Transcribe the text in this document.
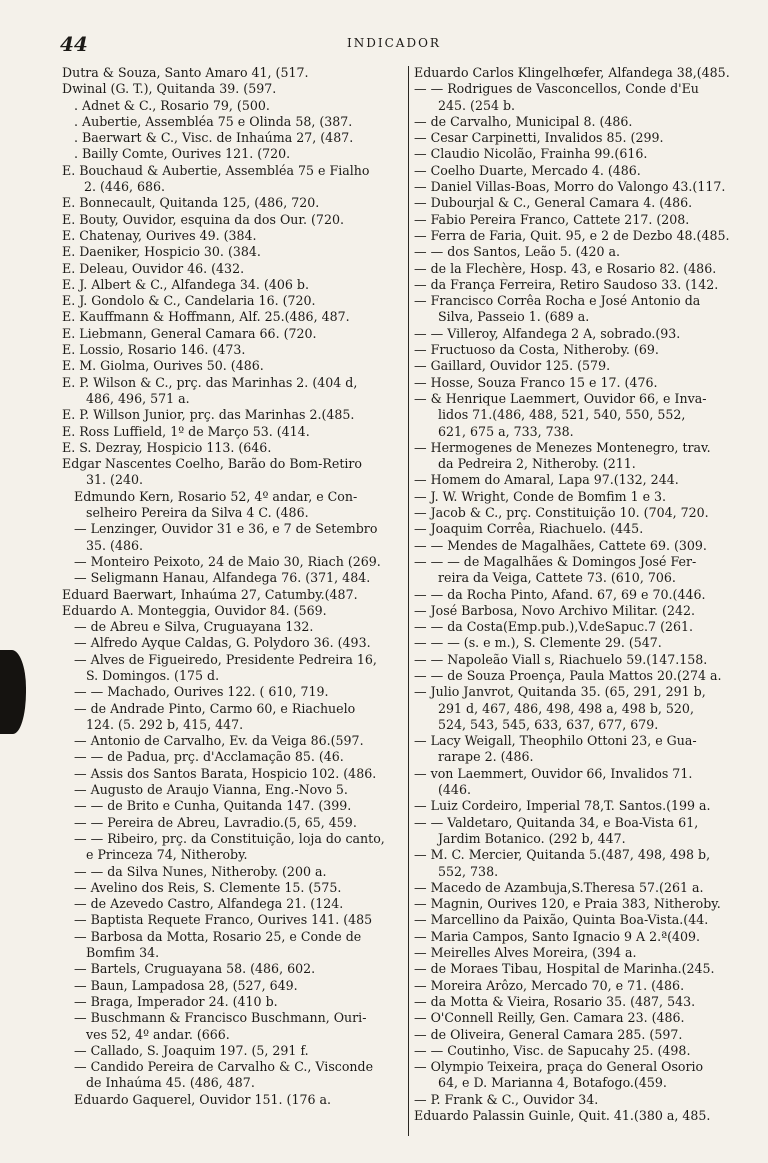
44	INDICADOR
Dutra & Souza, Santo Amaro 41, (517.
Dwinal (G. T.), Quitanda 39. (597.
. Adnet & C., Rosario 79, (500.
. Aubertie, Assembléa 75 e Olinda 58, (387.
. Baerwart & C., Visc. de Inhaúma 27, (487.
. Bailly Comte, Ourives 121. (720.
E. Bouchaud & Aubertie, Assembléa 75 e Fialho
2. (446, 686.
E. Bonnecault, Quitanda 125, (486, 720.
E. Bouty, Ouvidor, esquina da dos Our. (720.
E. Chatenay, Ourives 49. (384.
E. Daeniker, Hospicio 30. (384.
E. Deleau, Ouvidor 46. (432.
E. J. Albert & C., Alfandega 34. (406 b.
E. J. Gondolo & C., Candelaria 16. (720.
E. Kauffmann & Hoffmann, Alf. 25.(486, 487.
E. Liebmann, General Camara 66. (720.
E. Lossio, Rosario 146. (473.
E. M. Giolma, Ourives 50. (486.
E. P. Wilson & C., prç. das Marinhas 2. (404 d,
486, 496, 571 a.
E. P. Willson Junior, prç. das Marinhas 2.(485.
E. Ross Luffield, 1º de Março 53. (414.
E. S. Dezray, Hospicio 113. (646.
Edgar Nascentes Coelho, Barão do Bom-Retiro
31. (240.
Edmundo Kern, Rosario 52, 4º andar, e Con-
selheiro Pereira da Silva 4 C. (486.
— Lenzinger, Ouvidor 31 e 36, e 7 de Setembro
35. (486.
— Monteiro Peixoto, 24 de Maio 30, Riach (269.
— Seligmann Hanau, Alfandega 76. (371, 484.
Eduard Baerwart, Inhaúma 27, Catumby.(487.
Eduardo A. Monteggia, Ouvidor 84. (569.
— de Abreu e Silva, Cruguayana 132.
— Alfredo Ayque Caldas, G. Polydoro 36. (493.
— Alves de Figueiredo, Presidente Pedreira 16,
S. Domingos. (175 d.
— — Machado, Ourives 122. ( 610, 719.
— de Andrade Pinto, Carmo 60, e Riachuelo
124. (5. 292 b, 415, 447.
— Antonio de Carvalho, Ev. da Veiga 86.(597.
— — de Padua, prç. d'Acclamação 85. (46.
— Assis dos Santos Barata, Hospicio 102. (486.
— Augusto de Araujo Vianna, Eng.-Novo 5.
— — de Brito e Cunha, Quitanda 147. (399.
— — Pereira de Abreu, Lavradio.(5, 65, 459.
— — Ribeiro, prç. da Constituição, loja do canto,
e Princeza 74, Nitheroby.
— — da Silva Nunes, Nitheroby. (200 a.
— Avelino dos Reis, S. Clemente 15. (575.
— de Azevedo Castro, Alfandega 21. (124.
— Baptista Requete Franco, Ourives 141. (485
— Barbosa da Motta, Rosario 25, e Conde de
Bomfim 34.
— Bartels, Cruguayana 58. (486, 602.
— Baun, Lampadosa 28, (527, 649.
— Braga, Imperador 24. (410 b.
— Buschmann & Francisco Buschmann, Ouri-
ves 52, 4º andar. (666.
— Callado, S. Joaquim 197. (5, 291 f.
— Candido Pereira de Carvalho & C., Visconde
de Inhaúma 45. (486, 487.
Eduardo Gaquerel, Ouvidor 151. (176 a.
Eduardo Carlos Klingelhœfer, Alfandega 38,(485.
— — Rodrigues de Vasconcellos, Conde d'Eu
245. (254 b.
— de Carvalho, Municipal 8. (486.
— Cesar Carpinetti, Invalidos 85. (299.
— Claudio Nicolão, Frainha 99.(616.
— Coelho Duarte, Mercado 4. (486.
— Daniel Villas-Boas, Morro do Valongo 43.(117.
— Dubourjal & C., General Camara 4. (486.
— Fabio Pereira Franco, Cattete 217. (208.
— Ferra de Faria, Quit. 95, e 2 de Dezbo 48.(485.
— — dos Santos, Leão 5. (420 a.
— de la Flechère, Hosp. 43, e Rosario 82. (486.
— da França Ferreira, Retiro Saudoso 33. (142.
— Francisco Corrêa Rocha e José Antonio da
Silva, Passeio 1. (689 a.
— — Villeroy, Alfandega 2 A, sobrado.(93.
— Fructuoso da Costa, Nitheroby. (69.
— Gaillard, Ouvidor 125. (579.
— Hosse, Souza Franco 15 e 17. (476.
— & Henrique Laemmert, Ouvidor 66, e Inva-
lidos 71.(486, 488, 521, 540, 550, 552,
621, 675 a, 733, 738.
— Hermogenes de Menezes Montenegro, trav.
da Pedreira 2, Nitheroby. (211.
— Homem do Amaral, Lapa 97.(132, 244.
— J. W. Wright, Conde de Bomfim 1 e 3.
— Jacob & C., prç. Constituição 10. (704, 720.
— Joaquim Corrêa, Riachuelo. (445.
— — Mendes de Magalhães, Cattete 69. (309.
— — — de Magalhães & Domingos José Fer-
reira da Veiga, Cattete 73. (610, 706.
— — da Rocha Pinto, Afand. 67, 69 e 70.(446.
— José Barbosa, Novo Archivo Militar. (242.
— — da Costa(Emp.pub.),V.deSapuc.7 (261.
— — — (s. e m.), S. Clemente 29. (547.
— — Napoleão Viall s, Riachuelo 59.(147.158.
— — de Souza Proença, Paula Mattos 20.(274 a.
— Julio Janvrot, Quitanda 35. (65, 291, 291 b,
291 d, 467, 486, 498, 498 a, 498 b, 520,
524, 543, 545, 633, 637, 677, 679.
— Lacy Weigall, Theophilo Ottoni 23, e Gua-
rarape 2. (486.
— von Laemmert, Ouvidor 66, Invalidos 71.
(446.
— Luiz Cordeiro, Imperial 78,T. Santos.(199 a.
— — Valdetaro, Quitanda 34, e Boa-Vista 61,
Jardim Botanico. (292 b, 447.
— M. C. Mercier, Quitanda 5.(487, 498, 498 b,
552, 738.
— Macedo de Azambuja,S.Theresa 57.(261 a.
— Magnin, Ourives 120, e Praia 383, Nitheroby.
— Marcellino da Paixão, Quinta Boa-Vista.(44.
— Maria Campos, Santo Ignacio 9 A 2.ª(409.
— Meirelles Alves Moreira, (394 a.
— de Moraes Tibau, Hospital de Marinha.(245.
— Moreira Arôzo, Mercado 70, e 71. (486.
— da Motta & Vieira, Rosario 35. (487, 543.
— O'Connell Reilly, Gen. Camara 23. (486.
— de Oliveira, General Camara 285. (597.
— — Coutinho, Visc. de Sapucahy 25. (498.
— Olympio Teixeira, praça do General Osorio
64, e D. Marianna 4, Botafogo.(459.
— P. Frank & C., Ouvidor 34.
Eduardo Palassin Guinle, Quit. 41.(380 a, 485.
